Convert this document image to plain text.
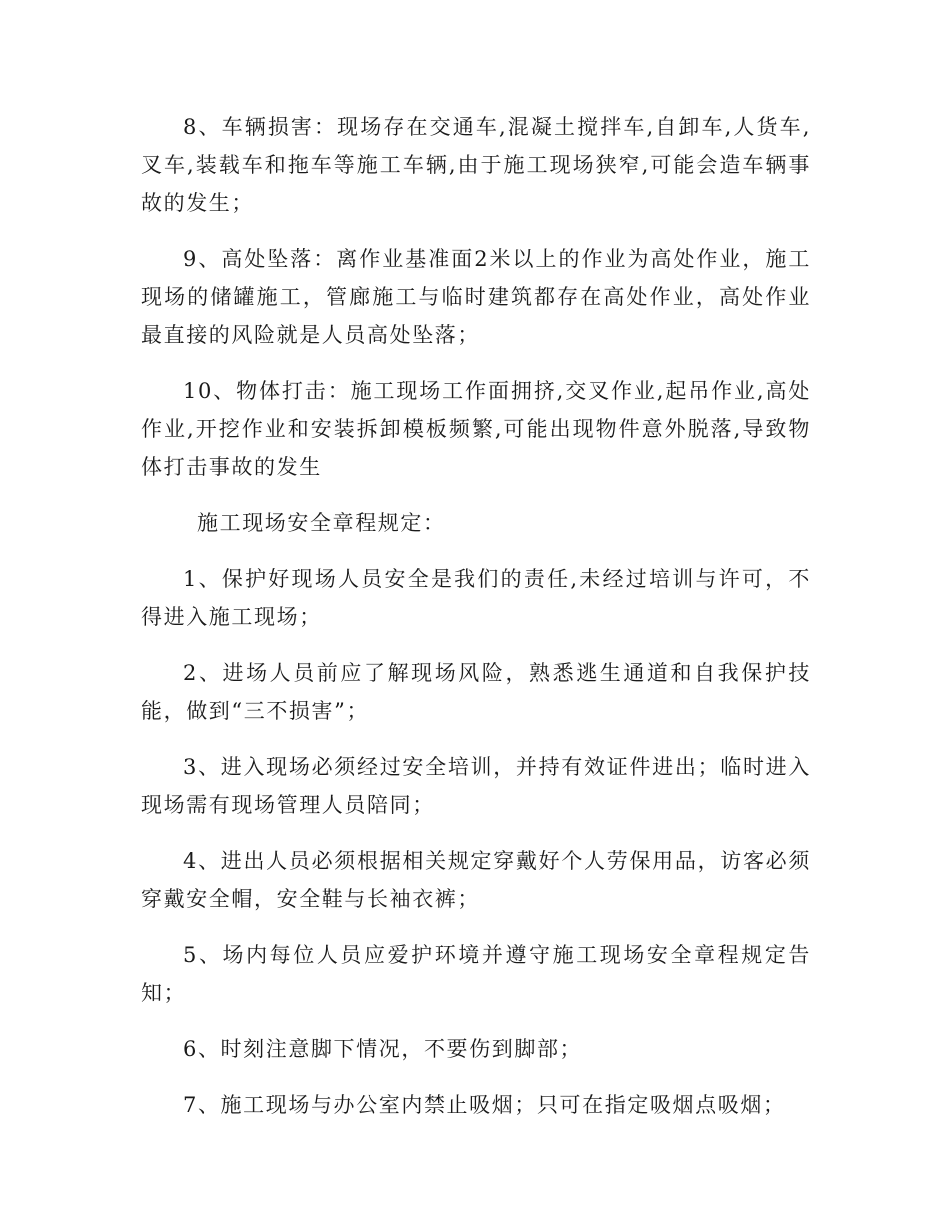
8、车辆损害：现场存在交通车,混凝土搅拌车,自卸车,人货车,叉车,装载车和拖车等施工车辆,由于施工现场狭窄,可能会造车辆事故的发生；

9、高处坠落：离作业基准面2米以上的作业为高处作业，施工现场的储罐施工，管廊施工与临时建筑都存在高处作业，高处作业最直接的风险就是人员高处坠落；

10、物体打击：施工现场工作面拥挤,交叉作业,起吊作业,高处作业,开挖作业和安装拆卸模板频繁,可能出现物件意外脱落,导致物体打击事故的发生

施工现场安全章程规定：

1、保护好现场人员安全是我们的责任,未经过培训与许可，不得进入施工现场；

2、进场人员前应了解现场风险，熟悉逃生通道和自我保护技能，做到“三不损害”；

3、进入现场必须经过安全培训，并持有效证件进出；临时进入现场需有现场管理人员陪同；

4、进出人员必须根据相关规定穿戴好个人劳保用品，访客必须穿戴安全帽，安全鞋与长袖衣裤；

5、场内每位人员应爱护环境并遵守施工现场安全章程规定告知；

6、时刻注意脚下情况，不要伤到脚部；

7、施工现场与办公室内禁止吸烟；只可在指定吸烟点吸烟；
